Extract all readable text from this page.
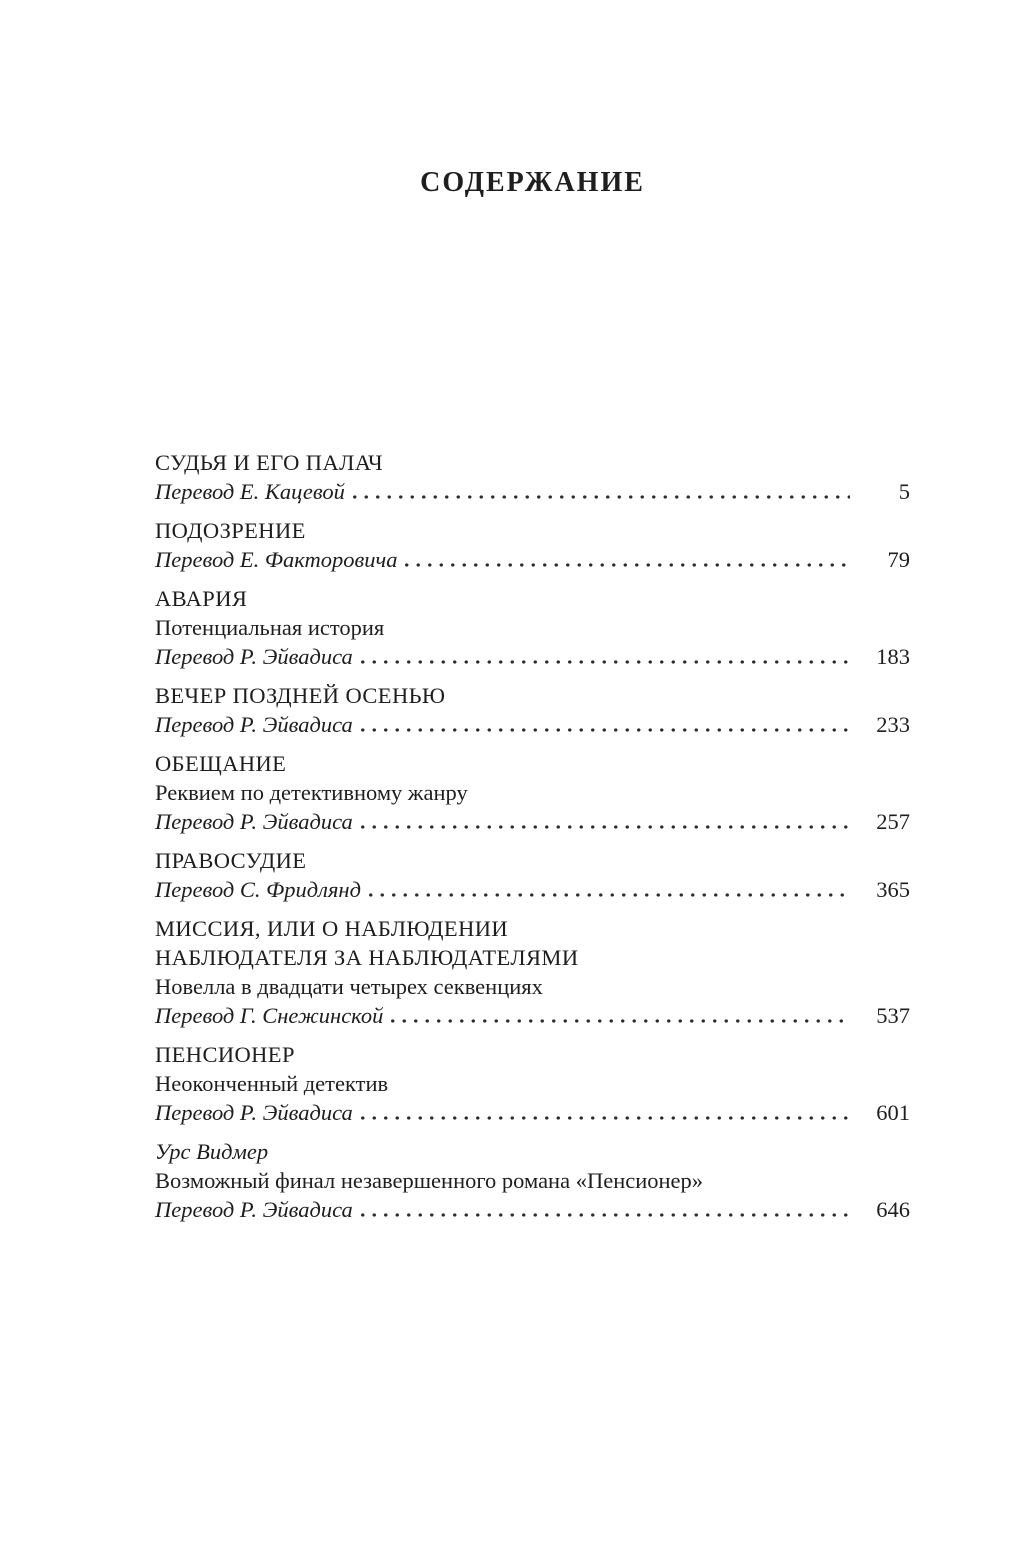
СОДЕРЖАНИЕ
СУДЬЯ И ЕГО ПАЛАЧ
Перевод Е. Кацевой	5
ПОДОЗРЕНИЕ
Перевод Е. Факторовича	79
АВАРИЯ
Потенциальная история
Перевод Р. Эйвадиса	183
ВЕЧЕР ПОЗДНЕЙ ОСЕНЬЮ
Перевод Р. Эйвадиса	233
ОБЕЩАНИЕ
Реквием по детективному жанру
Перевод Р. Эйвадиса	257
ПРАВОСУДИЕ
Перевод С. Фридлянд	365
МИССИЯ, ИЛИ О НАБЛЮДЕНИИ
НАБЛЮДАТЕЛЯ ЗА НАБЛЮДАТЕЛЯМИ
Новелла в двадцати четырех секвенциях
Перевод Г. Снежинской	537
ПЕНСИОНЕР
Неоконченный детектив
Перевод Р. Эйвадиса	601
Урс Видмер
Возможный финал незавершенного романа «Пенсионер»
Перевод Р. Эйвадиса	646
